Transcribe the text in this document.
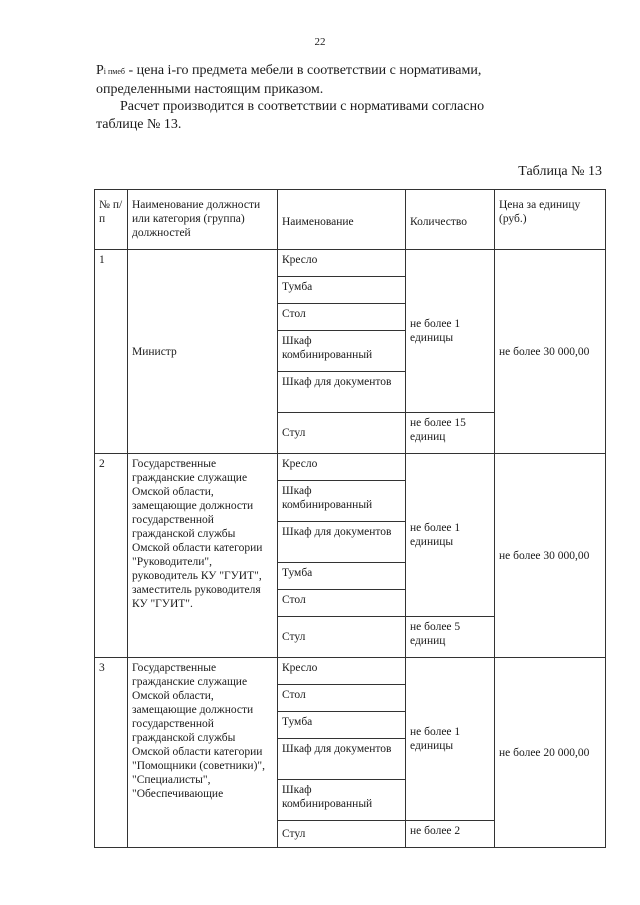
22
Pi пмеб - цена i-го предмета мебели в соответствии с нормативами,
определенными настоящим приказом.
Расчет производится в соответствии с нормативами согласно
таблице № 13.
Таблица № 13
№ п/п	Наименование должности или категория (группа) должностей	Наименование	Количество	Цена за единицу (руб.)
1	Министр	Кресло	не более 1 единицы	не более 30 000,00
		Тумба		
		Стол		
		Шкаф комбинированный		
		Шкаф для документов		
		Стул	не более 15 единиц	
2	Государственные гражданские служащие Омской области, замещающие должности государственной гражданской службы Омской области категории "Руководители", руководитель КУ "ГУИТ", заместитель руководителя КУ "ГУИТ".	Кресло	не более 1 единицы	не более 30 000,00
		Шкаф комбинированный		
		Шкаф для документов		
		Тумба		
		Стол		
		Стул	не более 5 единиц	
3	Государственные гражданские служащие Омской области, замещающие должности государственной гражданской службы Омской области категории "Помощники (советники)", "Специалисты", "Обеспечивающие	Кресло	не более 1 единицы	не более 20 000,00
		Стол		
		Тумба		
		Шкаф для документов		
		Шкаф комбинированный		
		Стул	не более 2	
